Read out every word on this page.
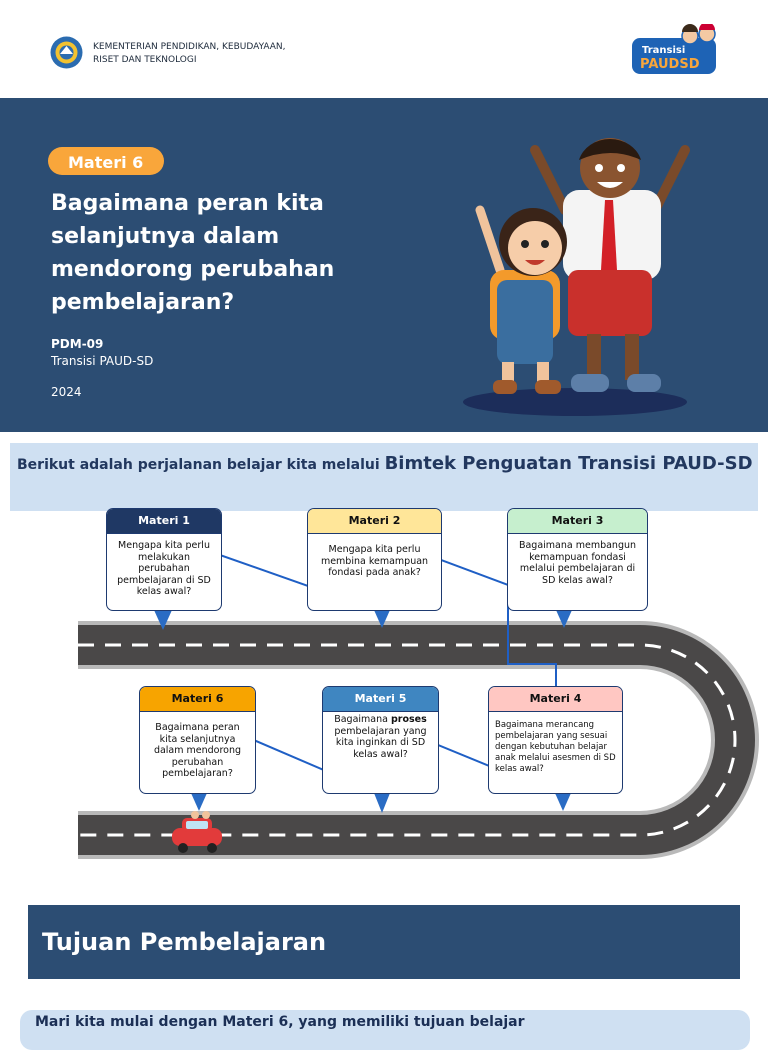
KEMENTERIAN PENDIDIKAN, KEBUDAYAAN,
RISET DAN TEKNOLOGI
Transisi
PAUDSD
Materi 6
Bagaimana peran kita selanjutnya dalam mendorong perubahan pembelajaran?
PDM-09
Transisi PAUD-SD
2024
Berikut adalah perjalanan belajar kita melalui Bimtek Penguatan Transisi PAUD-SD
Materi 1
Mengapa kita perlu melakukan perubahan pembelajaran di SD kelas awal?
Materi 2
Mengapa kita perlu membina kemampuan fondasi pada anak?
Materi 3
Bagaimana membangun kemampuan fondasi melalui pembelajaran di SD kelas awal?
Materi 4
Bagaimana merancang pembelajaran yang sesuai dengan kebutuhan belajar anak melalui asesmen di SD kelas awal?
Materi 5
Bagaimana proses pembelajaran yang kita inginkan di SD kelas awal?
Materi 6
Bagaimana peran kita selanjutnya dalam mendorong perubahan pembelajaran?
Tujuan Pembelajaran
Mari kita mulai dengan Materi 6, yang memiliki tujuan belajar
